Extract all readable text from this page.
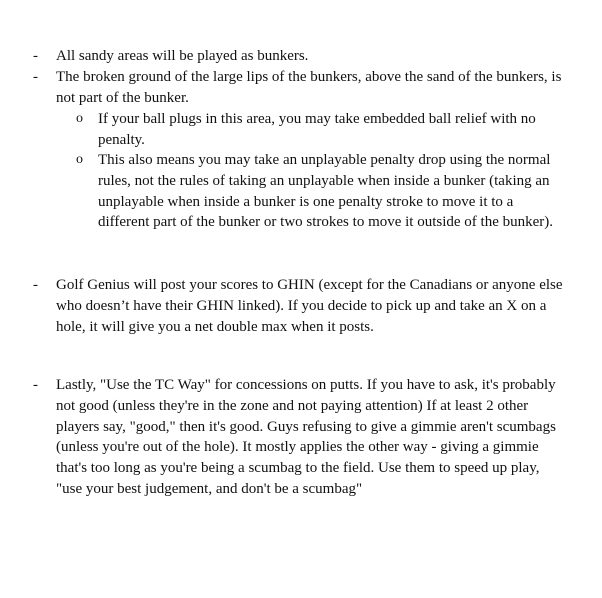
- All sandy areas will be played as bunkers.
- The broken ground of the large lips of the bunkers, above the sand of the bunkers, is not part of the bunker.
o If your ball plugs in this area, you may take embedded ball relief with no penalty.
o This also means you may take an unplayable penalty drop using the normal rules, not the rules of taking an unplayable when inside a bunker (taking an unplayable when inside a bunker is one penalty stroke to move it to a different part of the bunker or two strokes to move it outside of the bunker).
- Golf Genius will post your scores to GHIN (except for the Canadians or anyone else who doesn’t have their GHIN linked). If you decide to pick up and take an X on a hole, it will give you a net double max when it posts.
- Lastly, "Use the TC Way" for concessions on putts. If you have to ask, it's probably not good (unless they're in the zone and not paying attention) If at least 2 other players say, "good," then it's good. Guys refusing to give a gimmie aren't scumbags (unless you're out of the hole). It mostly applies the other way - giving a gimmie that's too long as you're being a scumbag to the field. Use them to speed up play, "use your best judgement, and don't be a scumbag"
